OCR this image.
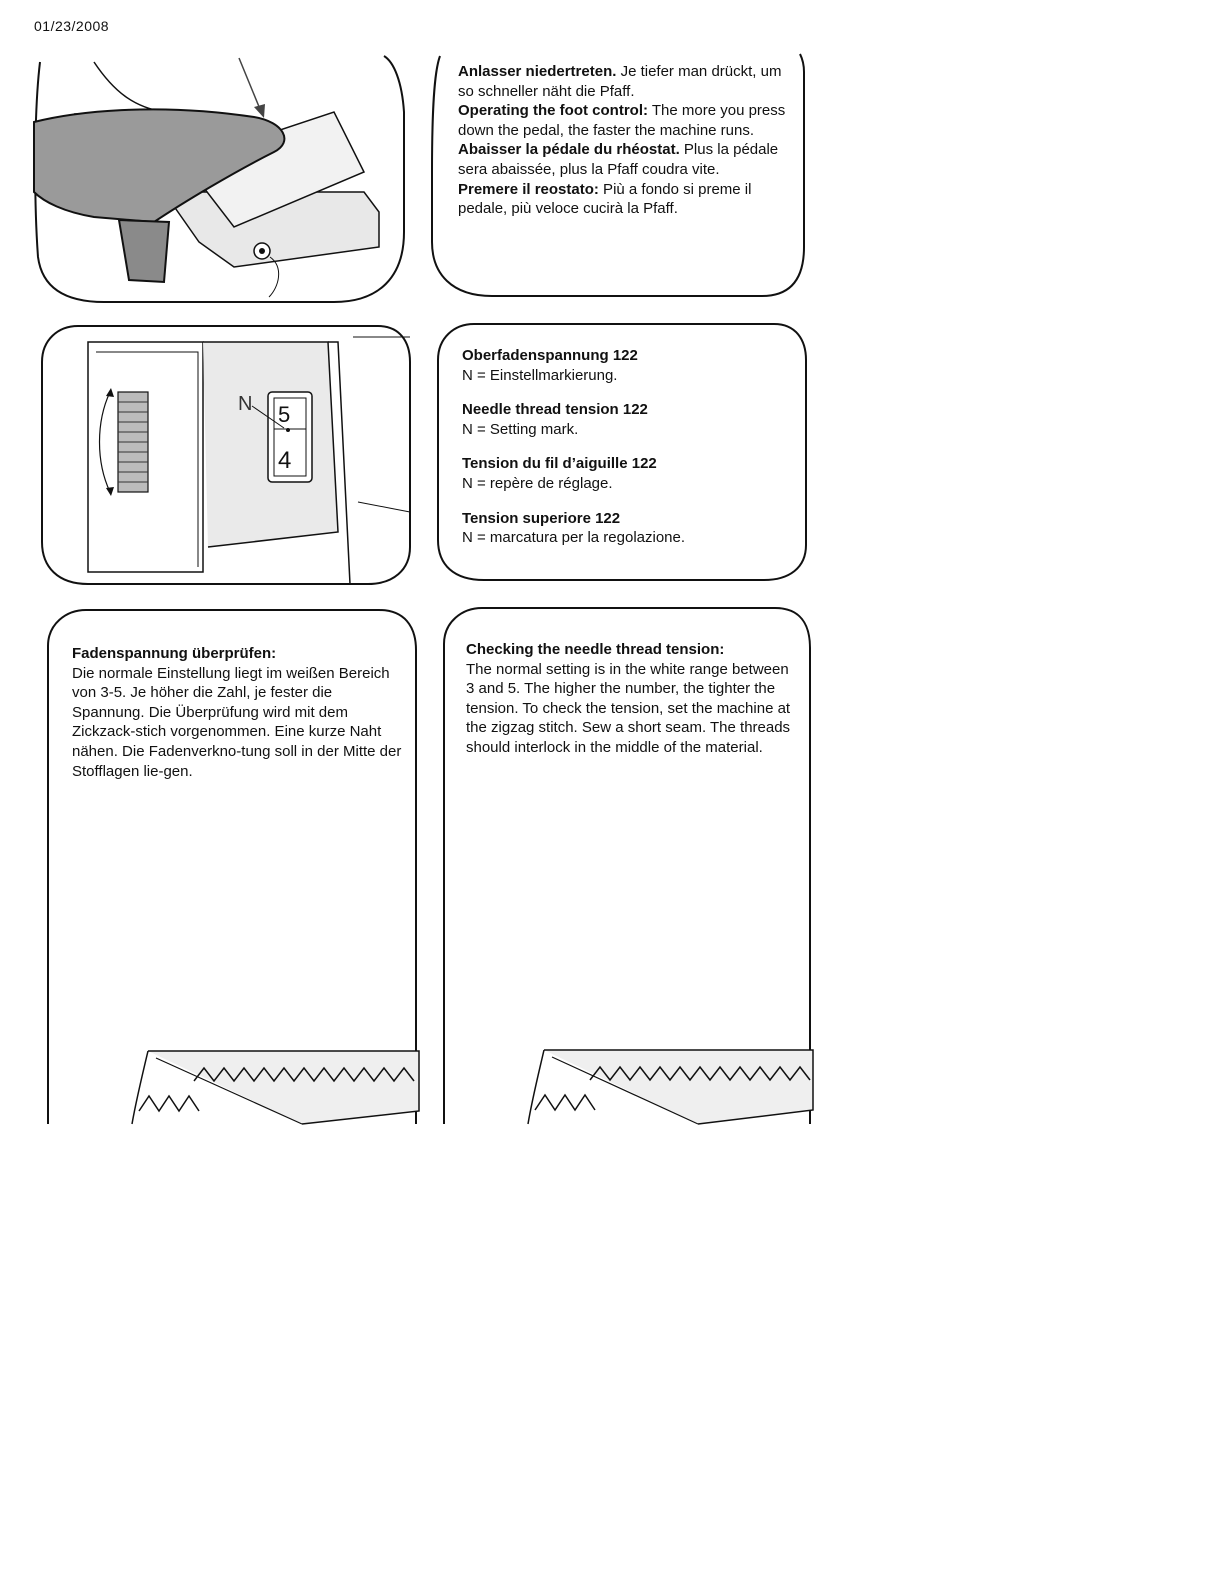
01/23/2008

Anlasser niedertreten. Je tiefer man drückt, um so schneller näht die Pfaff.

Operating the foot control: The more you press down the pedal, the faster the machine runs.

Abaisser la pédale du rhéostat. Plus la pédale sera abaissée, plus la Pfaff coudra vite.

Premere il reostato: Più a fondo si preme il pedale, più veloce cucirà la Pfaff.

N 5
4

Oberfadenspannung 122
N = Einstellmarkierung.

Needle thread tension 122
N = Setting mark.

Tension du fil d’aiguille 122
N = repère de réglage.

Tension superiore 122
N = marcatura per la regolazione.

Fadenspannung überprüfen:
Die normale Einstellung liegt im weißen Bereich von 3-5. Je höher die Zahl, je fester die Spannung. Die Überprüfung wird mit dem Zickzack-stich vorgenommen. Eine kurze Naht nähen. Die Fadenverkno-tung soll in der Mitte der Stofflagen lie-gen.

Checking the needle thread tension:
The normal setting is in the white range between 3 and 5. The higher the number, the tighter the tension. To check the tension, set the machine at the zigzag stitch. Sew a short seam. The threads should interlock in the middle of the material.
